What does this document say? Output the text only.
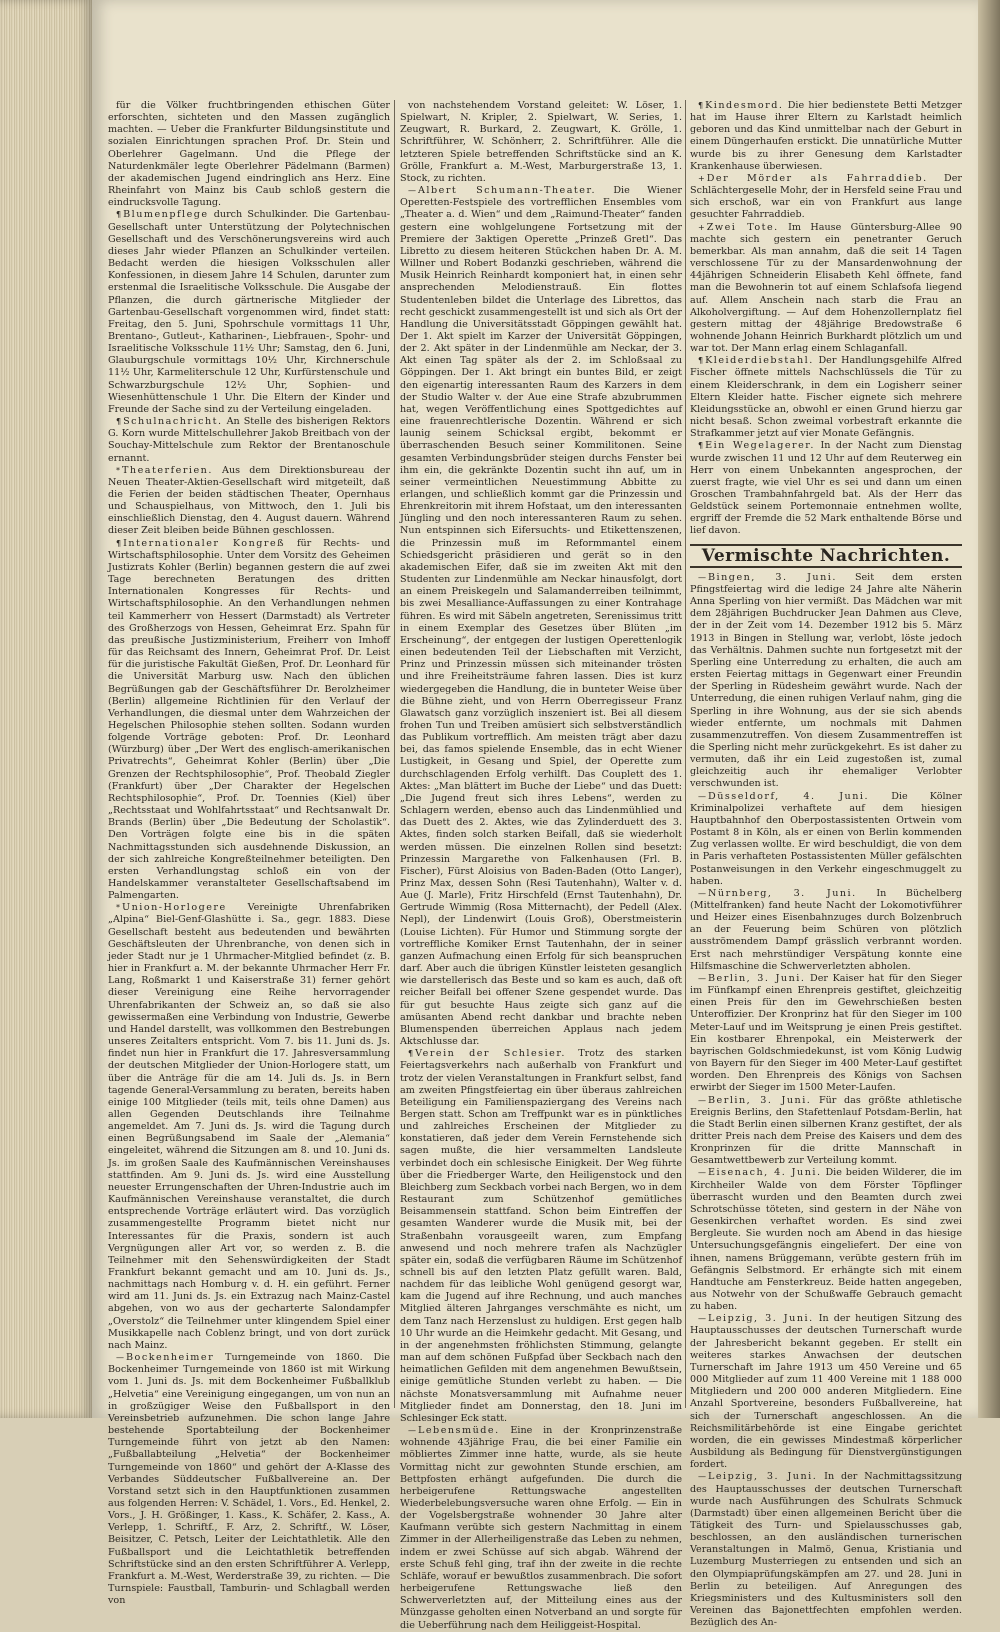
für die Völker fruchtbringenden ethischen Güter erforschten, sichteten und den Massen zugänglich machten. — Ueber die Frankfurter Bildungsinstitute und sozialen Einrichtungen sprachen Prof. Dr. Stein und Oberlehrer Gagelmann. Und die Pflege der Naturdenkmäler legte Oberlehrer Pädelmann (Barmen) der akademischen Jugend eindringlich ans Herz. Eine Rheinfahrt von Mainz bis Caub schloß gestern die eindrucksvolle Tagung.

¶ Blumenpflege durch Schulkinder. Die Gartenbau-Gesellschaft unter Unterstützung der Polytechnischen Gesellschaft und des Verschönerungsvereins wird auch dieses Jahr wieder Pflanzen an Schulkinder verteilen. Bedacht werden die hiesigen Volksschulen aller Konfessionen, in diesem Jahre 14 Schulen, darunter zum erstenmal die Israelitische Volksschule. Die Ausgabe der Pflanzen, die durch gärtnerische Mitglieder der Gartenbau-Gesellschaft vorgenommen wird, findet statt: Freitag, den 5. Juni, Spohrschule vormittags 11 Uhr, Brentano-, Gutleut-, Katharinen-, Liebfrauen-, Spohr- und Israelitische Volksschule 11½ Uhr; Samstag, den 6. Juni, Glauburgschule vormittags 10½ Uhr, Kirchnerschule 11½ Uhr, Karmeliterschule 12 Uhr, Kurfürstenschule und Schwarzburgschule 12½ Uhr, Sophien- und Wiesenhüttenschule 1 Uhr. Die Eltern der Kinder und Freunde der Sache sind zu der Verteilung eingeladen.

¶ Schulnachricht. An Stelle des bisherigen Rektors G. Korn wurde Mittelschullehrer Jakob Breitbach von der Souchay-Mittelschule zum Rektor der Brentanoschule ernannt.

* Theaterferien. Aus dem Direktionsbureau der Neuen Theater-Aktien-Gesellschaft wird mitgeteilt, daß die Ferien der beiden städtischen Theater, Opernhaus und Schauspielhaus, von Mittwoch, den 1. Juli bis einschließlich Dienstag, den 4. August dauern. Während dieser Zeit bleiben beide Bühnen geschlossen.

¶ Internationaler Kongreß für Rechts- und Wirtschaftsphilosophie. Unter dem Vorsitz des Geheimen Justizrats Kohler (Berlin) begannen gestern die auf zwei Tage berechneten Beratungen des dritten Internationalen Kongresses für Rechts- und Wirtschaftsphilosophie. An den Verhandlungen nehmen teil Kammerherr von Hessert (Darmstadt) als Vertreter des Großherzogs von Hessen, Geheimrat Erz. Spahn für das preußische Justizministerium, Freiherr von Imhoff für das Reichsamt des Innern, Geheimrat Prof. Dr. Leist für die juristische Fakultät Gießen, Prof. Dr. Leonhard für die Universität Marburg usw. Nach den üblichen Begrüßungen gab der Geschäftsführer Dr. Berolzheimer (Berlin) allgemeine Richtlinien für den Verlauf der Verhandlungen, die diesmal unter dem Wahrzeichen der Hegelschen Philosophie stehen sollten. Sodann wurden folgende Vorträge geboten: Prof. Dr. Leonhard (Würzburg) über „Der Wert des englisch-amerikanischen Privatrechts“, Geheimrat Kohler (Berlin) über „Die Grenzen der Rechtsphilosophie“, Prof. Theobald Ziegler (Frankfurt) über „Der Charakter der Hegelschen Rechtsphilosophie“, Prof. Dr. Toennies (Kiel) über „Rechtsstaat und Wohlfahrtsstaat“ und Rechtsanwalt Dr. Brands (Berlin) über „Die Bedeutung der Scholastik“. Den Vorträgen folgte eine bis in die späten Nachmittagsstunden sich ausdehnende Diskussion, an der sich zahlreiche Kongreßteilnehmer beteiligten. Den ersten Verhandlungstag schloß ein von der Handelskammer veranstalteter Gesellschaftsabend im Palmengarten.

* Union-Horlogere Vereinigte Uhrenfabriken „Alpina“ Biel-Genf-Glashütte i. Sa., gegr. 1883. Diese Gesellschaft besteht aus bedeutenden und bewährten Geschäftsleuten der Uhrenbranche, von denen sich in jeder Stadt nur je 1 Uhrmacher-Mitglied befindet (z. B. hier in Frankfurt a. M. der bekannte Uhrmacher Herr Fr. Lang, Roßmarkt 1 und Kaiserstraße 31) ferner gehört dieser Vereinigung eine Reihe hervorragender Uhrenfabrikanten der Schweiz an, so daß sie also gewissermaßen eine Verbindung von Industrie, Gewerbe und Handel darstellt, was vollkommen den Bestrebungen unseres Zeitalters entspricht. Vom 7. bis 11. Juni ds. Js. findet nun hier in Frankfurt die 17. Jahresversammlung der deutschen Mitglieder der Union-Horlogere statt, um über die Anträge für die am 14. Juli ds. Js. in Bern tagende General-Versammlung zu beraten, bereits haben einige 100 Mitglieder (teils mit, teils ohne Damen) aus allen Gegenden Deutschlands ihre Teilnahme angemeldet. Am 7. Juni ds. Js. wird die Tagung durch einen Begrüßungsabend im Saale der „Alemania“ eingeleitet, während die Sitzungen am 8. und 10. Juni ds. Js. im großen Saale des Kaufmännischen Vereinshauses stattfinden. Am 9. Juni ds. Js. wird eine Ausstellung neuester Errungenschaften der Uhren-Industrie auch im Kaufmännischen Vereinshause veranstaltet, die durch entsprechende Vorträge erläutert wird. Das vorzüglich zusammengestellte Programm bietet nicht nur Interessantes für die Praxis, sondern ist auch Vergnügungen aller Art vor, so werden z. B. die Teilnehmer mit den Sehenswürdigkeiten der Stadt Frankfurt bekannt gemacht und am 10. Juni ds. Js., nachmittags nach Homburg v. d. H. ein geführt. Ferner wird am 11. Juni ds. Js. ein Extrazug nach Mainz-Castel abgehen, von wo aus der gecharterte Salondampfer „Overstolz“ die Teilnehmer unter klingendem Spiel einer Musikkapelle nach Coblenz bringt, und von dort zurück nach Mainz.

— Bockenheimer Turngemeinde von 1860. Die Bockenheimer Turngemeinde von 1860 ist mit Wirkung vom 1. Juni ds. Js. mit dem Bockenheimer Fußballklub „Helvetia“ eine Vereinigung eingegangen, um von nun an in großzügiger Weise den Fußballsport in den Vereinsbetrieb aufzunehmen. Die schon lange Jahre bestehende Sportabteilung der Bockenheimer Turngemeinde führt von jetzt ab den Namen: „Fußballabteilung „Helvetia“ der Bockenheimer Turngemeinde von 1860“ und gehört der A-Klasse des Verbandes Süddeutscher Fußballvereine an. Der Vorstand setzt sich in den Hauptfunktionen zusammen aus folgenden Herren: V. Schädel, 1. Vors., Ed. Henkel, 2. Vors., J. H. Größinger, 1. Kass., K. Schäfer, 2. Kass., A. Verlepp, 1. Schriftf., F. Arz, 2. Schriftf., W. Löser, Beisitzer, C. Petsch, Leiter der Leichtathletik. Alle den Fußballsport und die Leichtathletik betreffenden Schriftstücke sind an den ersten Schriftführer A. Verlepp, Frankfurt a. M.-West, Werderstraße 39, zu richten. — Die Turnspiele: Faustball, Tamburin- und Schlagball werden von

von nachstehendem Vorstand geleitet: W. Löser, 1. Spielwart, N. Kripler, 2. Spielwart, W. Series, 1. Zeugwart, R. Burkard, 2. Zeugwart, K. Grölle, 1. Schriftführer, W. Schönherr, 2. Schriftführer. Alle die letzteren Spiele betreffenden Schriftstücke sind an K. Grölle, Frankfurt a. M.-West, Marburgerstraße 13, 1. Stock, zu richten.

— Albert Schumann-Theater. Die Wiener Operetten-Festspiele des vortrefflichen Ensembles vom „Theater a. d. Wien“ und dem „Raimund-Theater“ fanden gestern eine wohlgelungene Fortsetzung mit der Premiere der 3aktigen Operette „Prinzeß Gretl“. Das Libretto zu diesem heiteren Stückchen haben Dr. A. M. Willner und Robert Bodanzki geschrieben, während die Musik Heinrich Reinhardt komponiert hat, in einen sehr ansprechenden Melodienstrauß. Ein flottes Studentenleben bildet die Unterlage des Librettos, das recht geschickt zusammengestellt ist und sich als Ort der Handlung die Universitätsstadt Göppingen gewählt hat. Der 1. Akt spielt im Karzer der Universität Göppingen, der 2. Akt später in der Lindenmühle am Neckar, der 3. Akt einen Tag später als der 2. im Schloßsaal zu Göppingen. Der 1. Akt bringt ein buntes Bild, er zeigt den eigenartig interessanten Raum des Karzers in dem der Studio Walter v. der Aue eine Strafe abzubrummen hat, wegen Veröffentlichung eines Spottgedichtes auf eine frauenrechtlerische Dozentin. Während er sich launig seinem Schicksal ergibt, bekommt er überraschenden Besuch seiner Kommilitonen. Seine gesamten Verbindungsbrüder steigen durchs Fenster bei ihm ein, die gekränkte Dozentin sucht ihn auf, um in seiner vermeintlichen Neuestimmung Abbitte zu erlangen, und schließlich kommt gar die Prinzessin und Ehrenkreitorin mit ihrem Hofstaat, um den interessanten Jüngling und den noch interessanteren Raum zu sehen. Nun entspinnen sich Eifersuchts- und Etikettenszenen, die Prinzessin muß im Reformmantel einem Schiedsgericht präsidieren und gerät so in den akademischen Eifer, daß sie im zweiten Akt mit den Studenten zur Lindenmühle am Neckar hinausfolgt, dort an einem Preiskegeln und Salamanderreiben teilnimmt, bis zwei Mesalliance-Auffassungen zu einer Kontrahage führen. Es wird mit Säbeln angetreten, Serenissimus tritt in einem Exemplar des Gesetzes über Blüten „im Erscheinung“, der entgegen der lustigen Operettenlogik einen bedeutenden Teil der Liebschaften mit Verzicht, Prinz und Prinzessin müssen sich miteinander trösten und ihre Freiheitsträume fahren lassen. Dies ist kurz wiedergegeben die Handlung, die in bunteter Weise über die Bühne zieht, und von Herrn Oberregisseur Franz Glawatsch ganz vorzüglich inszeniert ist. Bei all diesem frohen Tun und Treiben amüsiert sich selbstverständlich das Publikum vortrefflich. Am meisten trägt aber dazu bei, das famos spielende Ensemble, das in echt Wiener Lustigkeit, in Gesang und Spiel, der Operette zum durchschlagenden Erfolg verhilft. Das Couplett des 1. Aktes: „Man blättert im Buche der Liebe“ und das Duett: „Die Jugend freut sich ihres Lebens“, werden zu Schlagern werden, ebenso auch das Lindenmühlied und das Duett des 2. Aktes, wie das Zylinderduett des 3. Aktes, finden solch starken Beifall, daß sie wiederholt werden müssen. Die einzelnen Rollen sind besetzt: Prinzessin Margarethe von Falkenhausen (Frl. B. Fischer), Fürst Aloisius von Baden-Baden (Otto Langer), Prinz Max, dessen Sohn (Resi Tautenhahn), Walter v. d. Aue (J. Marle), Fritz Hirschfeld (Ernst Tautenhahn), Dr. Gertrude Wimmig (Rosa Mitternacht), der Pedell (Alex. Nepl), der Lindenwirt (Louis Groß), Oberstmeisterin (Louise Lichten). Für Humor und Stimmung sorgte der vortreffliche Komiker Ernst Tautenhahn, der in seiner ganzen Aufmachung einen Erfolg für sich beanspruchen darf. Aber auch die übrigen Künstler leisteten gesanglich wie darstellerisch das Beste und so kam es auch, daß oft reicher Beifall bei offener Szene gespendet wurde. Das für gut besuchte Haus zeigte sich ganz auf die amüsanten Abend recht dankbar und brachte neben Blumenspenden überreichen Applaus nach jedem Aktschlusse dar.

¶ Verein der Schlesier. Trotz des starken Feiertagsverkehrs nach außerhalb von Frankfurt und trotz der vielen Veranstaltungen in Frankfurt selbst, fand am zweiten Pfingstfeiertag ein über überaus zahlreichen Beteiligung ein Familienspaziergang des Vereins nach Bergen statt. Schon am Treffpunkt war es in pünktliches und zahlreiches Erscheinen der Mitglieder zu konstatieren, daß jeder dem Verein Fernstehende sich sagen mußte, die hier versammelten Landsleute verbindet doch ein schlesische Einigkeit. Der Weg führte über die Friedberger Warte, den Heiligenstock und den Bleichberg zum Seckbach vorbei nach Bergen, wo in dem Restaurant zum Schützenhof gemütliches Beisammensein stattfand. Schon beim Eintreffen der gesamten Wanderer wurde die Musik mit, bei der Straßenbahn vorausgeeilt waren, zum Empfang anwesend und noch mehrere trafen als Nachzügler später ein, sodaß die verfügbaren Räume im Schützenhof schnell bis auf den letzten Platz gefüllt waren. Bald, nachdem für das leibliche Wohl genügend gesorgt war, kam die Jugend auf ihre Rechnung, und auch manches Mitglied älteren Jahrganges verschmähte es nicht, um dem Tanz nach Herzenslust zu huldigen. Erst gegen halb 10 Uhr wurde an die Heimkehr gedacht. Mit Gesang, und in der angenehmsten fröhlichsten Stimmung, gelangte man auf dem schönen Fußpfad über Seckbach nach den heimatlichen Gefilden mit dem angenehmen Bewußtsein, einige gemütliche Stunden verlebt zu haben. — Die nächste Monatsversammlung mit Aufnahme neuer Mitglieder findet am Donnerstag, den 18. Juni im Schlesinger Eck statt.

— Lebensmüde. Eine in der Kronprinzenstraße wohnende 43jährige Frau, die bei einer Familie ein möbliertes Zimmer inne hatte, wurde, als sie heute Vormittag nicht zur gewohnten Stunde erschien, am Bettpfosten erhängt aufgefunden. Die durch die herbeigerufene Rettungswache angestellten Wiederbelebungsversuche waren ohne Erfolg. — Ein in der Vogelsbergstraße wohnender 30 Jahre alter Kaufmann verübte sich gestern Nachmittag in einem Zimmer in der Allerheiligenstraße das Leben zu nehmen, indem er zwei Schüsse auf sich abgab. Während der erste Schuß fehl ging, traf ihn der zweite in die rechte Schläfe, worauf er bewußtlos zusammenbrach. Die sofort herbeigerufene Rettungswache ließ den Schwerverletzten auf, der Mitteilung eines aus der Münzgasse geholten einen Notverband an und sorgte für die Ueberführung nach dem Heiliggeist-Hospital.

¶ Kindesmord. Die hier bedienstete Betti Metzger hat im Hause ihrer Eltern zu Karlstadt heimlich geboren und das Kind unmittelbar nach der Geburt in einem Düngerhaufen erstickt. Die unnatürliche Mutter wurde bis zu ihrer Genesung dem Karlstadter Krankenhause überwiesen.

+ Der Mörder als Fahrraddieb. Der Schlächtergeselle Mohr, der in Hersfeld seine Frau und sich erschoß, war ein von Frankfurt aus lange gesuchter Fahrraddieb.

+ Zwei Tote. Im Hause Güntersburg-Allee 90 machte sich gestern ein penetranter Geruch bemerkbar. Als man annahm, daß die seit 14 Tagen verschlossene Tür zu der Mansardenwohnung der 44jährigen Schneiderin Elisabeth Kehl öffnete, fand man die Bewohnerin tot auf einem Schlafsofa liegend auf. Allem Anschein nach starb die Frau an Alkoholvergiftung. — Auf dem Hohenzollernplatz fiel gestern mittag der 48jährige Bredowstraße 6 wohnende Johann Heinrich Burkhardt plötzlich um und war tot. Der Mann erlag einem Schlaganfall.

¶ Kleiderdiebstahl. Der Handlungsgehilfe Alfred Fischer öffnete mittels Nachschlüssels die Tür zu einem Kleiderschrank, in dem ein Logisherr seiner Eltern Kleider hatte. Fischer eignete sich mehrere Kleidungsstücke an, obwohl er einen Grund hierzu gar nicht besaß. Schon zweimal vorbestraft erkannte die Strafkammer jetzt auf vier Monate Gefängnis.

¶ Ein Wegelagerer. In der Nacht zum Dienstag wurde zwischen 11 und 12 Uhr auf dem Reuterweg ein Herr von einem Unbekannten angesprochen, der zuerst fragte, wie viel Uhr es sei und dann um einen Groschen Trambahnfahrgeld bat. Als der Herr das Geldstück seinem Portemonnaie entnehmen wollte, ergriff der Fremde die 52 Mark enthaltende Börse und lief davon.

Vermischte Nachrichten.

— Bingen, 3. Juni. Seit dem ersten Pfingstfeiertag wird die ledige 24 Jahre alte Näherin Anna Sperling von hier vermißt. Das Mädchen war mit dem 28jährigen Buchdrucker Jean Dahmen aus Cleve, der in der Zeit vom 14. Dezember 1912 bis 5. März 1913 in Bingen in Stellung war, verlobt, löste jedoch das Verhältnis. Dahmen suchte nun fortgesetzt mit der Sperling eine Unterredung zu erhalten, die auch am ersten Feiertag mittags in Gegenwart einer Freundin der Sperling in Rüdesheim gewährt wurde. Nach der Unterredung, die einen ruhigen Verlauf nahm, ging die Sperling in ihre Wohnung, aus der sie sich abends wieder entfernte, um nochmals mit Dahmen zusammenzutreffen. Von diesem Zusammentreffen ist die Sperling nicht mehr zurückgekehrt. Es ist daher zu vermuten, daß ihr ein Leid zugestoßen ist, zumal gleichzeitig auch ihr ehemaliger Verlobter verschwunden ist.

— Düsseldorf, 4. Juni. Die Kölner Kriminalpolizei verhaftete auf dem hiesigen Hauptbahnhof den Oberpostassistenten Ortwein vom Postamt 8 in Köln, als er einen von Berlin kommenden Zug verlassen wollte. Er wird beschuldigt, die von dem in Paris verhafteten Postassistenten Müller gefälschten Postanweisungen in den Verkehr eingeschmuggelt zu haben.

— Nürnberg, 3. Juni. In Büchelberg (Mittelfranken) fand heute Nacht der Lokomotivführer und Heizer eines Eisenbahnzuges durch Bolzenbruch an der Feuerung beim Schüren von plötzlich ausströmendem Dampf grässlich verbrannt worden. Erst nach mehrstündiger Verspätung konnte eine Hilfsmaschine die Schwerverletzten abholen.

— Berlin, 3. Juni. Der Kaiser hat für den Sieger im Fünfkampf einen Ehrenpreis gestiftet, gleichzeitig einen Preis für den im Gewehrschießen besten Unteroffizier. Der Kronprinz hat für den Sieger im 100 Meter-Lauf und im Weitsprung je einen Preis gestiftet. Ein kostbarer Ehrenpokal, ein Meisterwerk der bayrischen Goldschmiedekunst, ist vom König Ludwig von Bayern für den Sieger im 400 Meter-Lauf gestiftet worden. Den Ehrenpreis des Königs von Sachsen erwirbt der Sieger im 1500 Meter-Laufen.

— Berlin, 3. Juni. Für das größte athletische Ereignis Berlins, den Stafettenlauf Potsdam-Berlin, hat die Stadt Berlin einen silbernen Kranz gestiftet, der als dritter Preis nach dem Preise des Kaisers und dem des Kronprinzen für die dritte Mannschaft in Gesamtwettbewerb zur Verteilung kommt.

— Eisenach, 4. Juni. Die beiden Wilderer, die im Kirchheiler Walde von dem Förster Töpflinger überrascht wurden und den Beamten durch zwei Schrotschüsse töteten, sind gestern in der Nähe von Gesenkirchen verhaftet worden. Es sind zwei Bergleute. Sie wurden noch am Abend in das hiesige Untersuchungsgefängnis eingeliefert. Der eine von ihnen, namens Brüggemann, verübte gestern früh im Gefängnis Selbstmord. Er erhängte sich mit einem Handtuche am Fensterkreuz. Beide hatten angegeben, aus Notwehr von der Schußwaffe Gebrauch gemacht zu haben.

— Leipzig, 3. Juni. In der heutigen Sitzung des Hauptausschusses der deutschen Turnerschaft wurde der Jahresbericht bekannt gegeben. Er stellt ein weiteres starkes Anwachsen der deutschen Turnerschaft im Jahre 1913 um 450 Vereine und 65 000 Mitglieder auf zum 11 400 Vereine mit 1 188 000 Mitgliedern und 200 000 anderen Mitgliedern. Eine Anzahl Sportvereine, besonders Fußballvereine, hat sich der Turnerschaft angeschlossen. An die Reichsmilitärbehörde ist eine Eingabe gerichtet worden, die ein gewisses Mindestmaß körperlicher Ausbildung als Bedingung für Dienstvergünstigungen fordert.

— Leipzig, 3. Juni. In der Nachmittagssitzung des Hauptausschusses der deutschen Turnerschaft wurde nach Ausführungen des Schulrats Schmuck (Darmstadt) über einen allgemeinen Bericht über die Tätigkeit des Turn- und Spielausschusses gab, beschlossen, an den ausländischen turnerischen Veranstaltungen in Malmö, Genua, Kristiania und Luzemburg Musterriegen zu entsenden und sich an den Olympiaprüfungskämpfen am 27. und 28. Juni in Berlin zu beteiligen. Auf Anregungen des Kriegsministers und des Kultusministers soll den Vereinen das Bajonettfechten empfohlen werden. Bezüglich des An-
